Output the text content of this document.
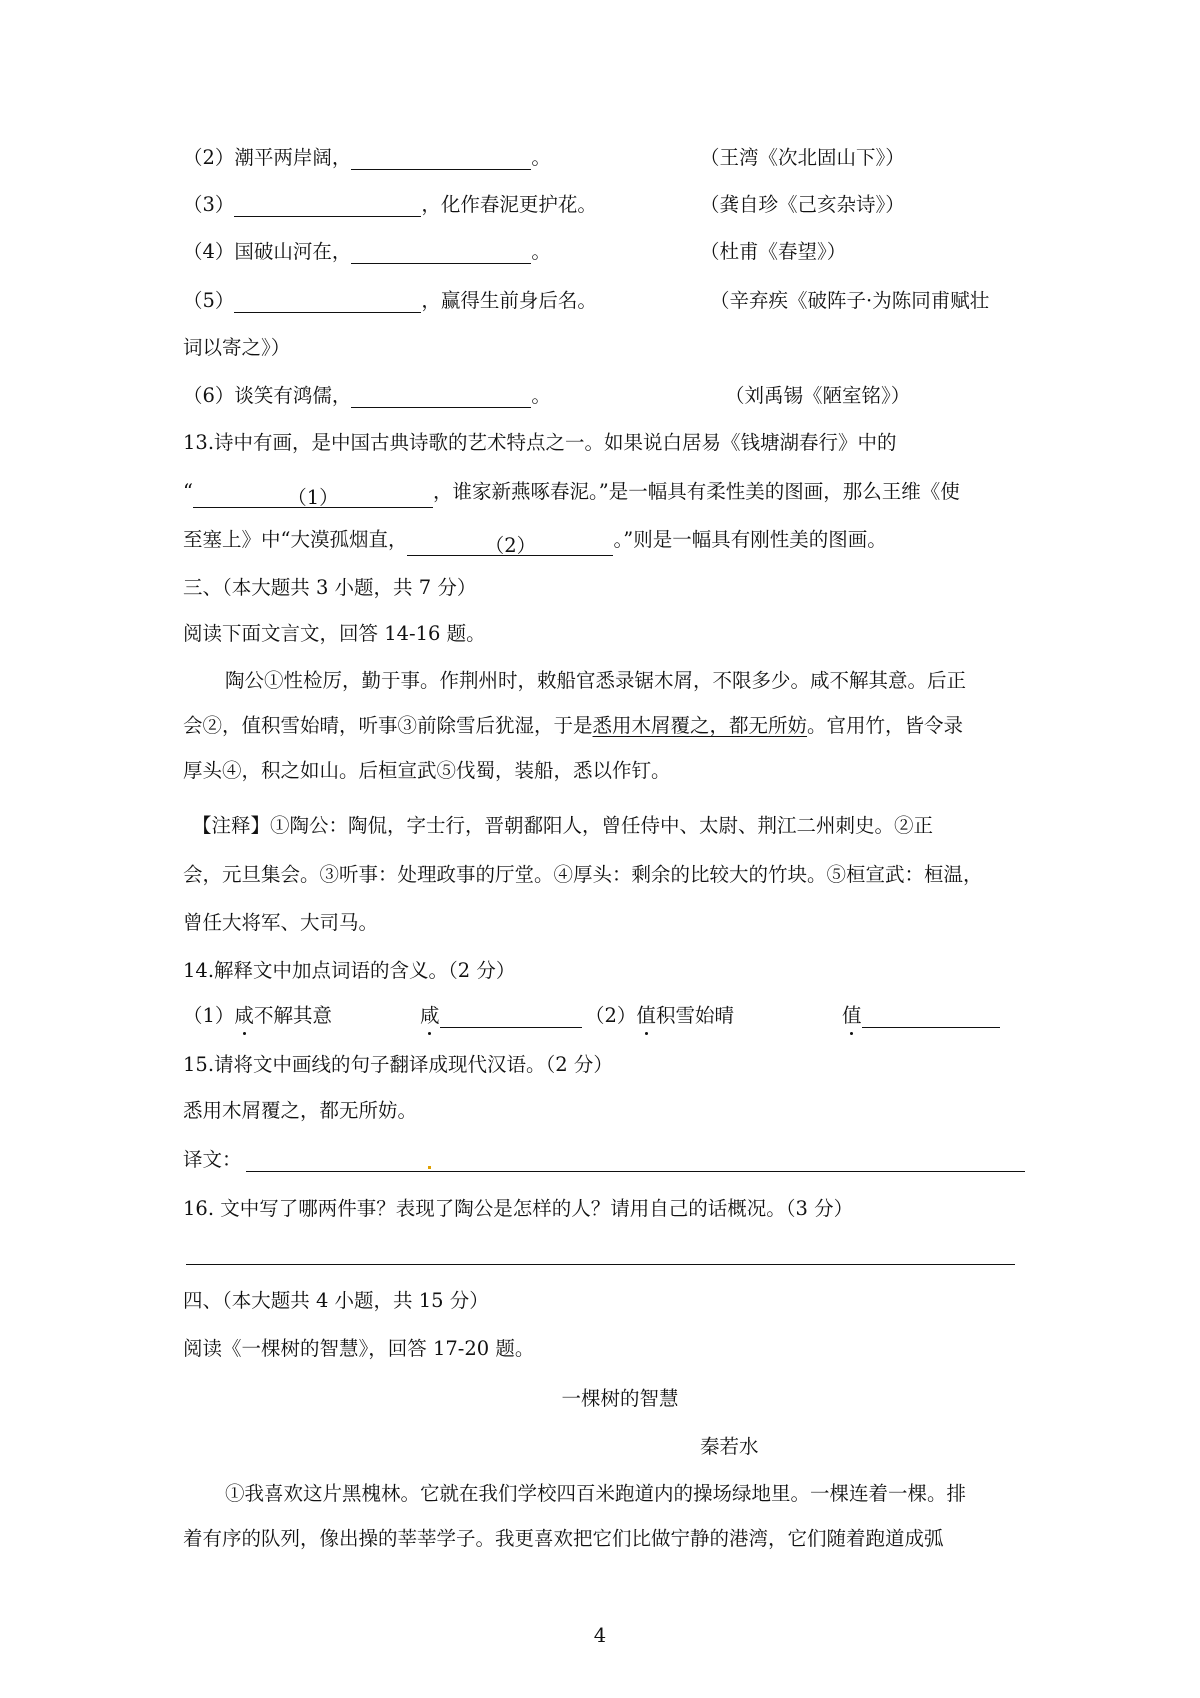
（2）潮平两岸阔，	。	（王湾《次北固山下》）
（3）	，化作春泥更护花。	（龚自珍《己亥杂诗》）
（4）国破山河在，	。	（杜甫《春望》）
（5）	，赢得生前身后名。	（辛弃疾《破阵子·为陈同甫赋壮
词以寄之》）
（6）谈笑有鸿儒，	。	（刘禹锡《陋室铭》）
13.诗中有画，是中国古典诗歌的艺术特点之一。如果说白居易《钱塘湖春行》中的
“	（1）	，谁家新燕啄春泥。”是一幅具有柔性美的图画，那么王维《使
至塞上》中“大漠孤烟直，	（2）	。”则是一幅具有刚性美的图画。
三、（本大题共 3 小题，共 7 分）
阅读下面文言文，回答 14-16 题。
陶公①性检厉，勤于事。作荆州时，敕船官悉录锯木屑，不限多少。咸不解其意。后正
会②，值积雪始晴，听事③前除雪后犹湿，于是悉用木屑覆之，都无所妨。官用竹，皆令录
厚头④，积之如山。后桓宣武⑤伐蜀，装船，悉以作钉。
【注释】①陶公：陶侃，字士行，晋朝鄱阳人，曾任侍中、太尉、荆江二州刺史。②正
会，元旦集会。③听事：处理政事的厅堂。④厚头：剩余的比较大的竹块。⑤桓宣武：桓温，
曾任大将军、大司马。
14.解释文中加点词语的含义。（2 分）
（1）咸不解其意	咸	（2）值积雪始晴	值
15.请将文中画线的句子翻译成现代汉语。（2 分）
悉用木屑覆之，都无所妨。
译文：
16. 文中写了哪两件事？表现了陶公是怎样的人？请用自己的话概况。（3 分）
四、（本大题共 4 小题，共 15 分）
阅读《一棵树的智慧》，回答 17-20 题。
一棵树的智慧
秦若水
①我喜欢这片黑槐林。它就在我们学校四百米跑道内的操场绿地里。一棵连着一棵。排
着有序的队列，像出操的莘莘学子。我更喜欢把它们比做宁静的港湾，它们随着跑道成弧
4
